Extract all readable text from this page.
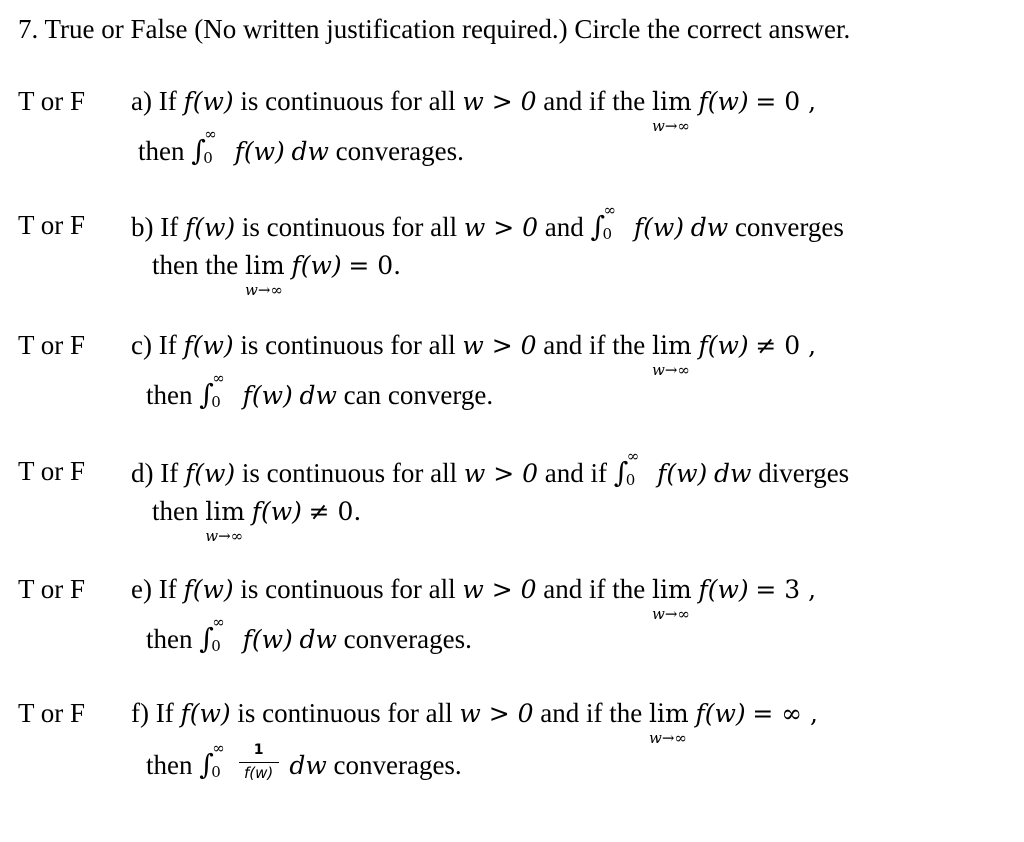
7. True or False (No written justification required.) Circle the correct answer.
T or F a) If f(w) is continuous for all w > 0 and if the lim
w→∞
f(w) = 0 ,
then ∫
∞
0 f(w) dw converages.
T or F b) If f(w) is continuous for all w > 0 and ∫
∞
0 f(w) dw converges
then the lim
w→∞
f(w) = 0.
T or F c) If f(w) is continuous for all w > 0 and if the lim
w→∞
f(w) ≠ 0 ,
then ∫
∞
0 f(w) dw can converge.
T or F d) If f(w) is continuous for all w > 0 and if ∫
∞
0 f(w) dw diverges
then lim
w→∞
f(w) ≠ 0.
T or F e) If f(w) is continuous for all w > 0 and if the lim
w→∞
f(w) = 3 ,
then ∫
∞
0 f(w) dw converages.
T or F f) If f(w) is continuous for all w > 0 and if the lim
w→∞
f(w) = ∞ ,
then ∫
∞
0
$\frac{1}{f(w)}$ dw converages.
